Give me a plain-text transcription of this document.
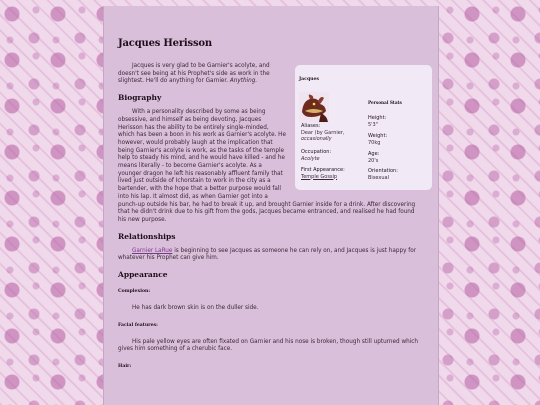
Jacques Herisson
Jacques
Personal Stats
Aliases:
Dear (by Garnier,
occasionally
Occupation:
Acolyte
First Appearance:
Temple Gossip
Height:
5'3"
Weight:
70kg
Age:
20's
Orientation:
Bisexual

Jacques is very glad to be Garnier's acolyte, and doesn't see being at his Prophet's side as work in the slightest. He'll do anything for Garnier. Anything.

Biography

With a personality described by some as being obsessive, and himself as being devoting, Jacques Herisson has the ability to be entirely single-minded, which has been a boon in his work as Garnier's acolyte. He however, would probably laugh at the implication that being Garnier's acolyte is work, as the tasks of the temple help to steady his mind, and he would have killed - and he means literally - to become Garnier's acolyte. As a younger dragon he left his reasonably affluent family that lived just outside of Ichorstain to work in the city as a bartender, with the hope that a better purpose would fall into his lap. It almost did, as when Garnier got into a punch-up outside his bar, he had to break it up, and brought Garnier inside for a drink. After discovering that he didn't drink due to his gift from the gods, Jacques became entranced, and realised he had found his new purpose.

Relationships

Garnier LaRue is beginning to see Jacques as someone he can rely on, and Jacques is just happy for whatever his Prophet can give him.

Appearance
Complexion:

He has dark brown skin is on the duller side.

Facial features:

His pale yellow eyes are often fixated on Garnier and his nose is broken, though still upturned which gives him something of a cherubic face.

Hair:
